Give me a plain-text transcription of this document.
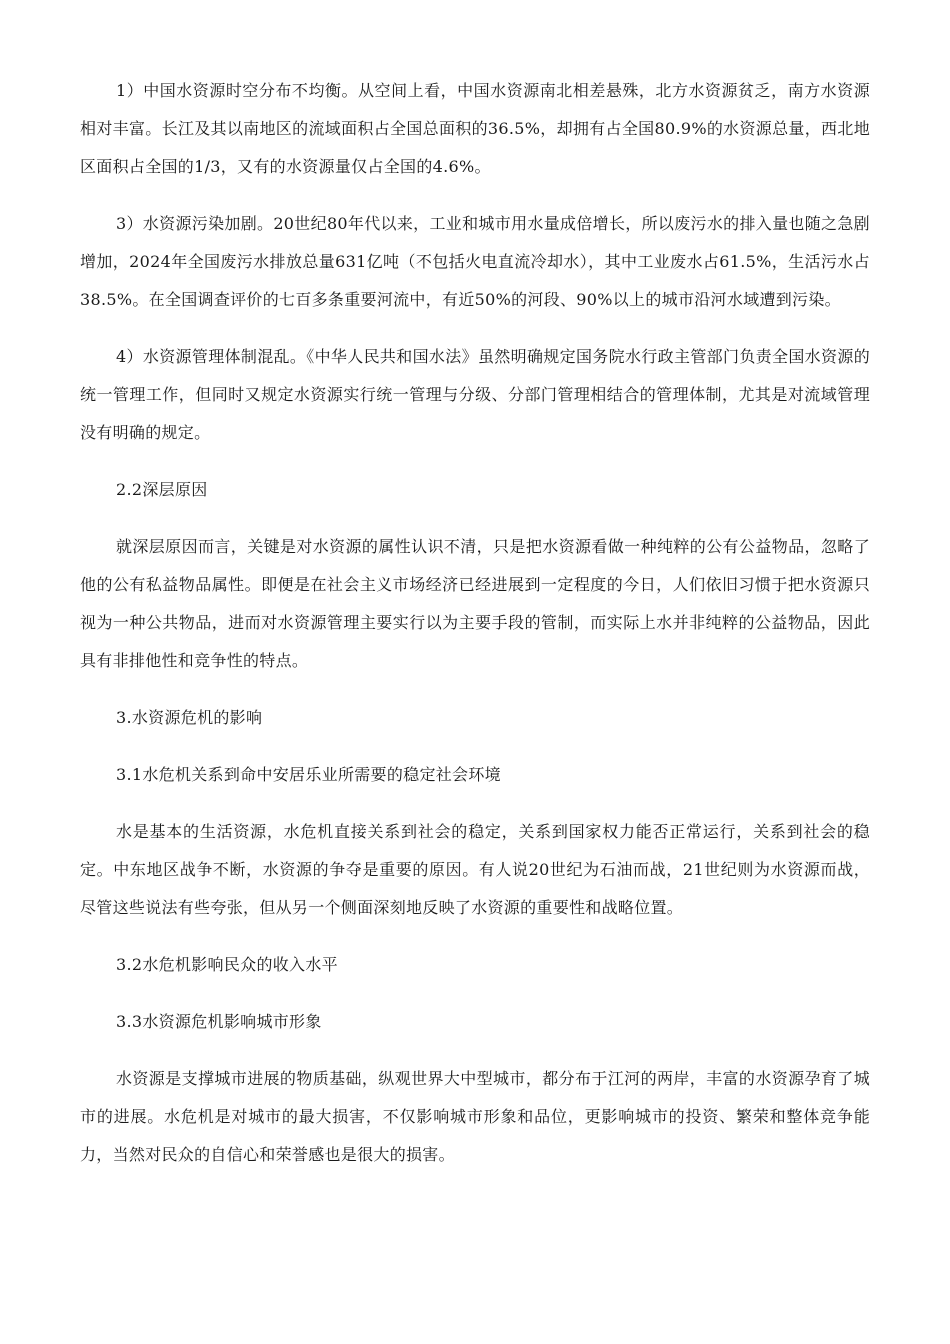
1）中国水资源时空分布不均衡。从空间上看，中国水资源南北相差悬殊，北方水资源贫乏，南方水资源相对丰富。长江及其以南地区的流域面积占全国总面积的36.5%，却拥有占全国80.9%的水资源总量，西北地区面积占全国的1/3，又有的水资源量仅占全国的4.6%。

3）水资源污染加剧。20世纪80年代以来，工业和城市用水量成倍增长，所以废污水的排入量也随之急剧增加，2024年全国废污水排放总量631亿吨（不包括火电直流冷却水），其中工业废水占61.5%，生活污水占38.5%。在全国调查评价的七百多条重要河流中，有近50%的河段、90%以上的城市沿河水域遭到污染。

4）水资源管理体制混乱。《中华人民共和国水法》虽然明确规定国务院水行政主管部门负责全国水资源的统一管理工作，但同时又规定水资源实行统一管理与分级、分部门管理相结合的管理体制，尤其是对流域管理没有明确的规定。

2.2深层原因

就深层原因而言，关键是对水资源的属性认识不清，只是把水资源看做一种纯粹的公有公益物品，忽略了他的公有私益物品属性。即便是在社会主义市场经济已经进展到一定程度的今日，人们依旧习惯于把水资源只视为一种公共物品，进而对水资源管理主要实行以为主要手段的管制，而实际上水并非纯粹的公益物品，因此具有非排他性和竞争性的特点。

3.水资源危机的影响

3.1水危机关系到命中安居乐业所需要的稳定社会环境

水是基本的生活资源，水危机直接关系到社会的稳定，关系到国家权力能否正常运行，关系到社会的稳定。中东地区战争不断，水资源的争夺是重要的原因。有人说20世纪为石油而战，21世纪则为水资源而战，尽管这些说法有些夸张，但从另一个侧面深刻地反映了水资源的重要性和战略位置。

3.2水危机影响民众的收入水平

3.3水资源危机影响城市形象

水资源是支撑城市进展的物质基础，纵观世界大中型城市，都分布于江河的两岸，丰富的水资源孕育了城市的进展。水危机是对城市的最大损害，不仅影响城市形象和品位，更影响城市的投资、繁荣和整体竞争能力，当然对民众的自信心和荣誉感也是很大的损害。
